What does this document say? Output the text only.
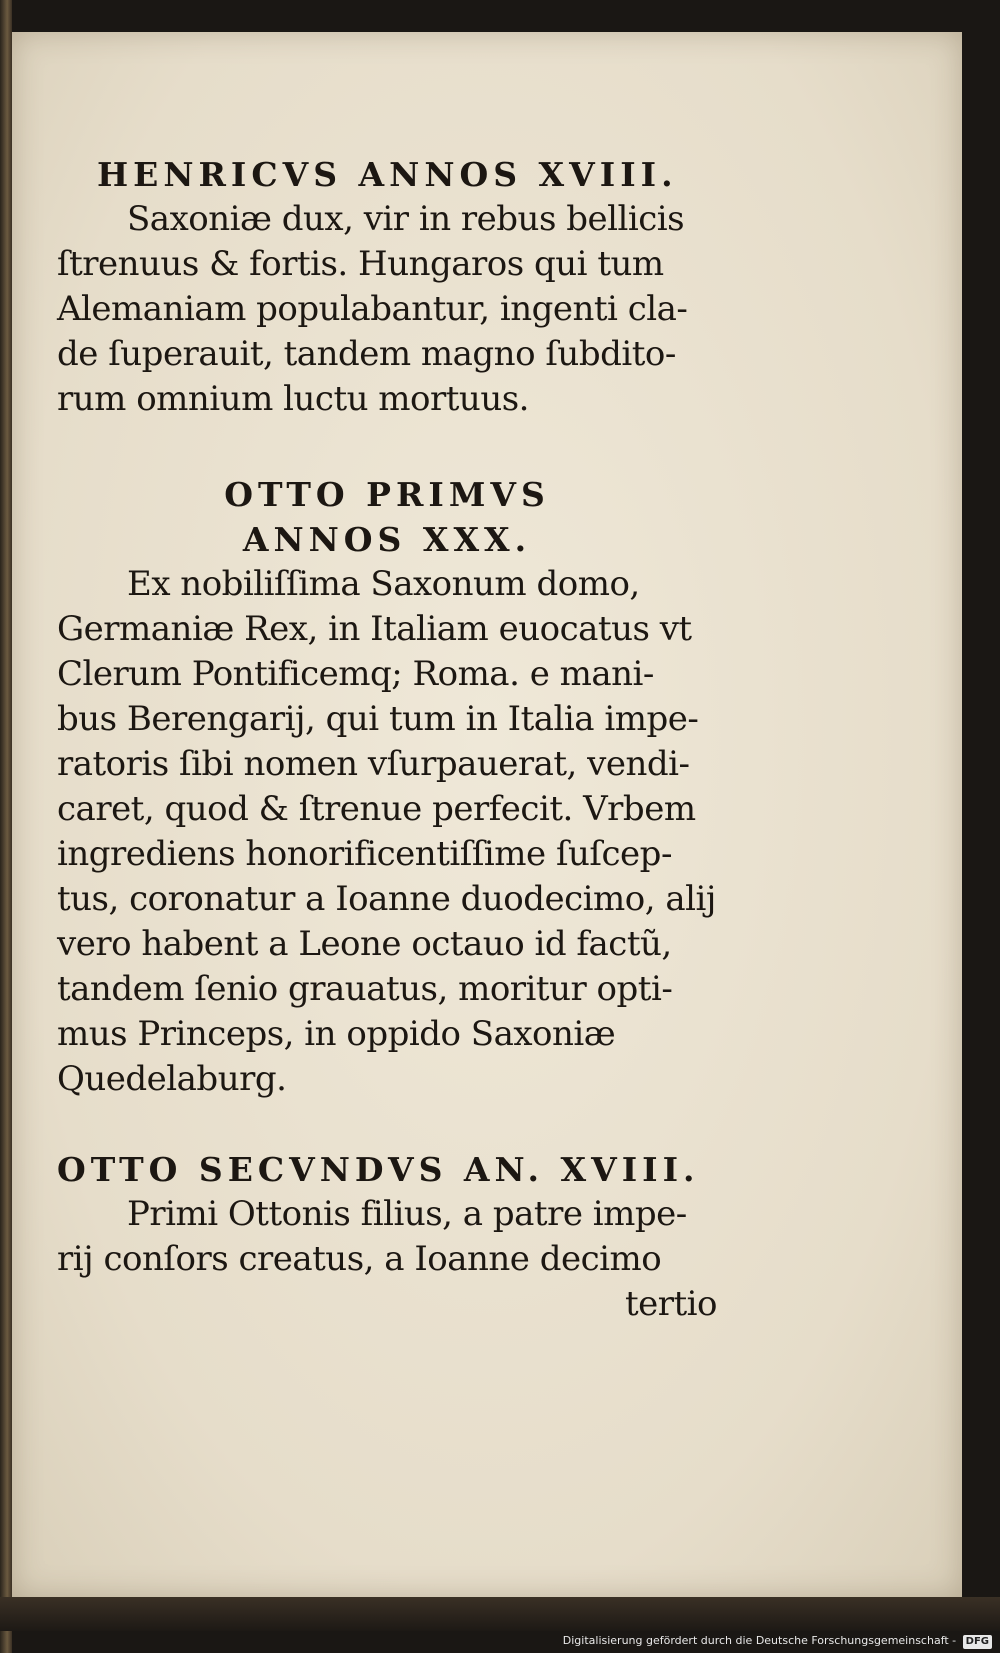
HENRICVS ANNOS XVIII.
Saxoniæ dux, vir in rebus bellicis
ſtrenuus & fortis. Hungaros qui tum
Alemaniam populabantur, ingenti cla-
de ſuperauit, tandem magno ſubdito-
rum omnium luctu mortuus.
OTTO PRIMVS
ANNOS XXX.
Ex nobiliſſima Saxonum domo,
Germaniæ Rex, in Italiam euocatus vt
Clerum Pontificemq; Roma. e mani-
bus Berengarij, qui tum in Italia impe-
ratoris ſibi nomen vſurpauerat, vendi-
caret, quod & ſtrenue perfecit. Vrbem
ingrediens honorificentiſſime ſuſcep-
tus, coronatur a Ioanne duodecimo, alij
vero habent a Leone octauo id factũ,
tandem ſenio grauatus, moritur opti-
mus Princeps, in oppido Saxoniæ
Quedelaburg.
OTTO SECVNDVS AN. XVIII.
Primi Ottonis filius, a patre impe-
rij conſors creatus, a Ioanne decimo
tertio
Digitalisierung gefördert durch die Deutsche Forschungsgemeinschaft - DFG
